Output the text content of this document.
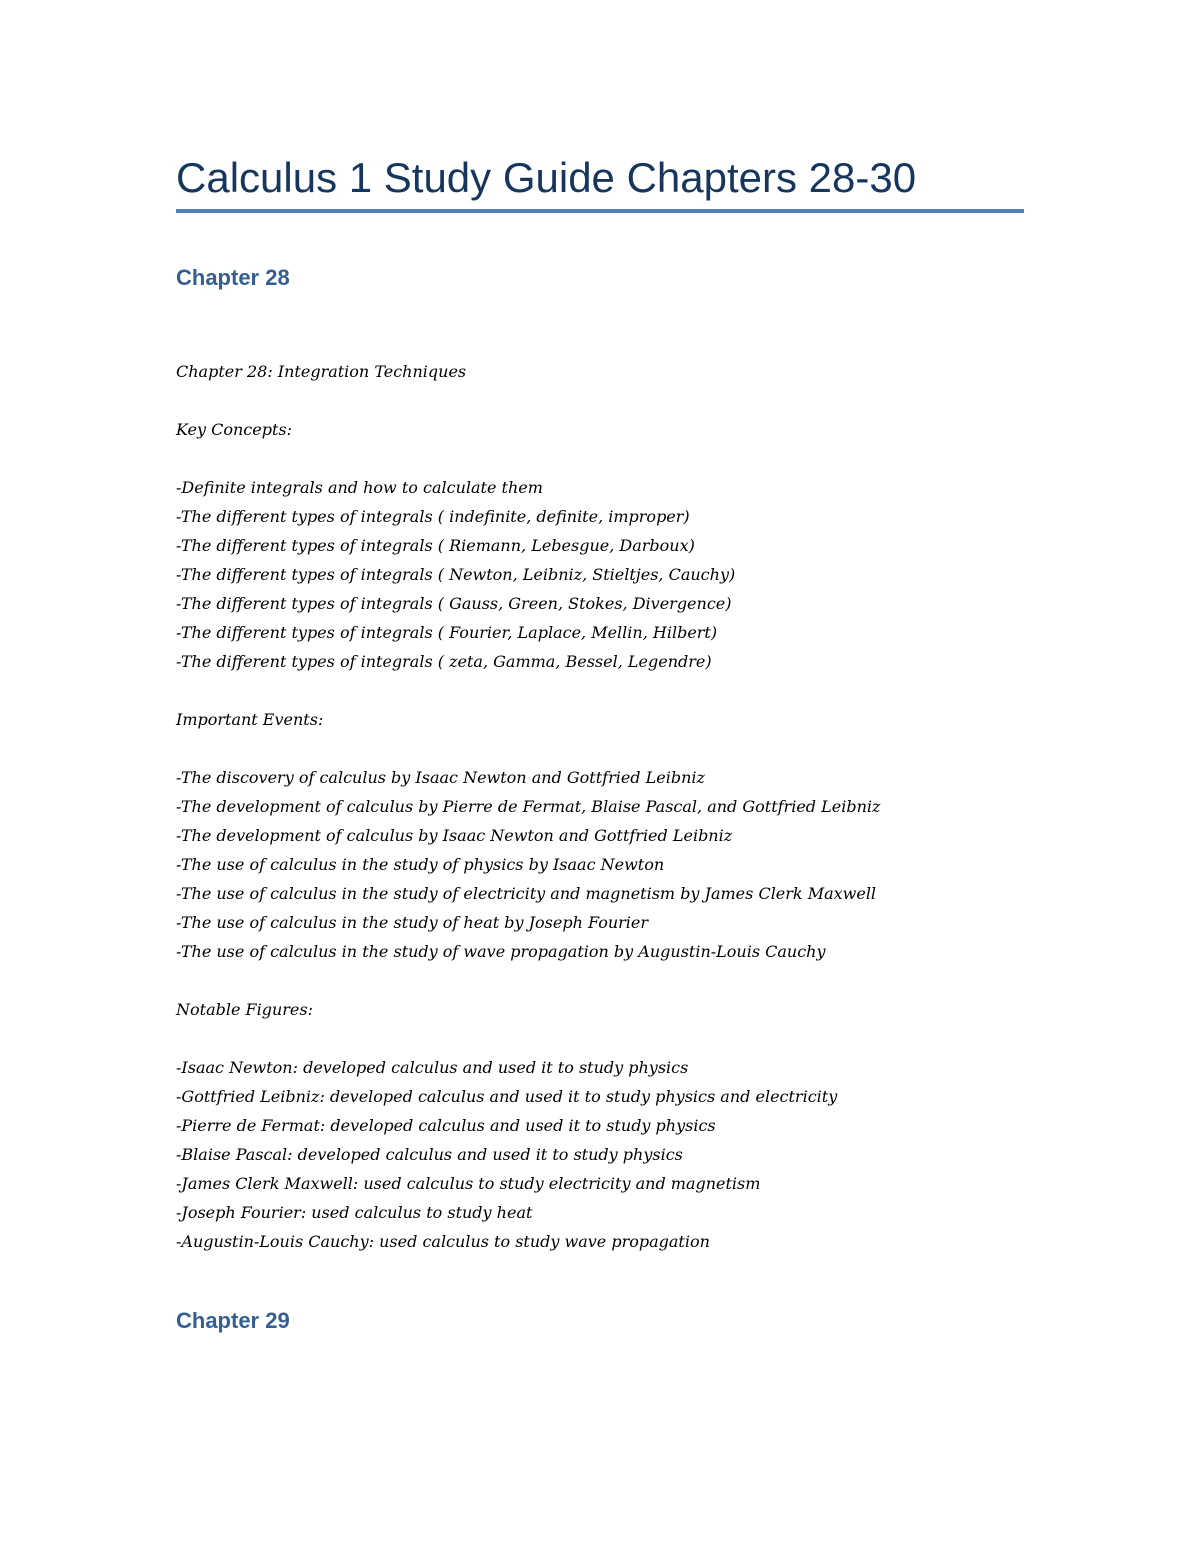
Calculus 1 Study Guide Chapters 28-30
Chapter 28
Chapter 28: Integration Techniques
Key Concepts:
-Definite integrals and how to calculate them
-The different types of integrals ( indefinite, definite, improper)
-The different types of integrals ( Riemann, Lebesgue, Darboux)
-The different types of integrals ( Newton, Leibniz, Stieltjes, Cauchy)
-The different types of integrals ( Gauss, Green, Stokes, Divergence)
-The different types of integrals ( Fourier, Laplace, Mellin, Hilbert)
-The different types of integrals ( zeta, Gamma, Bessel, Legendre)
Important Events:
-The discovery of calculus by Isaac Newton and Gottfried Leibniz
-The development of calculus by Pierre de Fermat, Blaise Pascal, and Gottfried Leibniz
-The development of calculus by Isaac Newton and Gottfried Leibniz
-The use of calculus in the study of physics by Isaac Newton
-The use of calculus in the study of electricity and magnetism by James Clerk Maxwell
-The use of calculus in the study of heat by Joseph Fourier
-The use of calculus in the study of wave propagation by Augustin-Louis Cauchy
Notable Figures:
-Isaac Newton: developed calculus and used it to study physics
-Gottfried Leibniz: developed calculus and used it to study physics and electricity
-Pierre de Fermat: developed calculus and used it to study physics
-Blaise Pascal: developed calculus and used it to study physics
-James Clerk Maxwell: used calculus to study electricity and magnetism
-Joseph Fourier: used calculus to study heat
-Augustin-Louis Cauchy: used calculus to study wave propagation
Chapter 29
